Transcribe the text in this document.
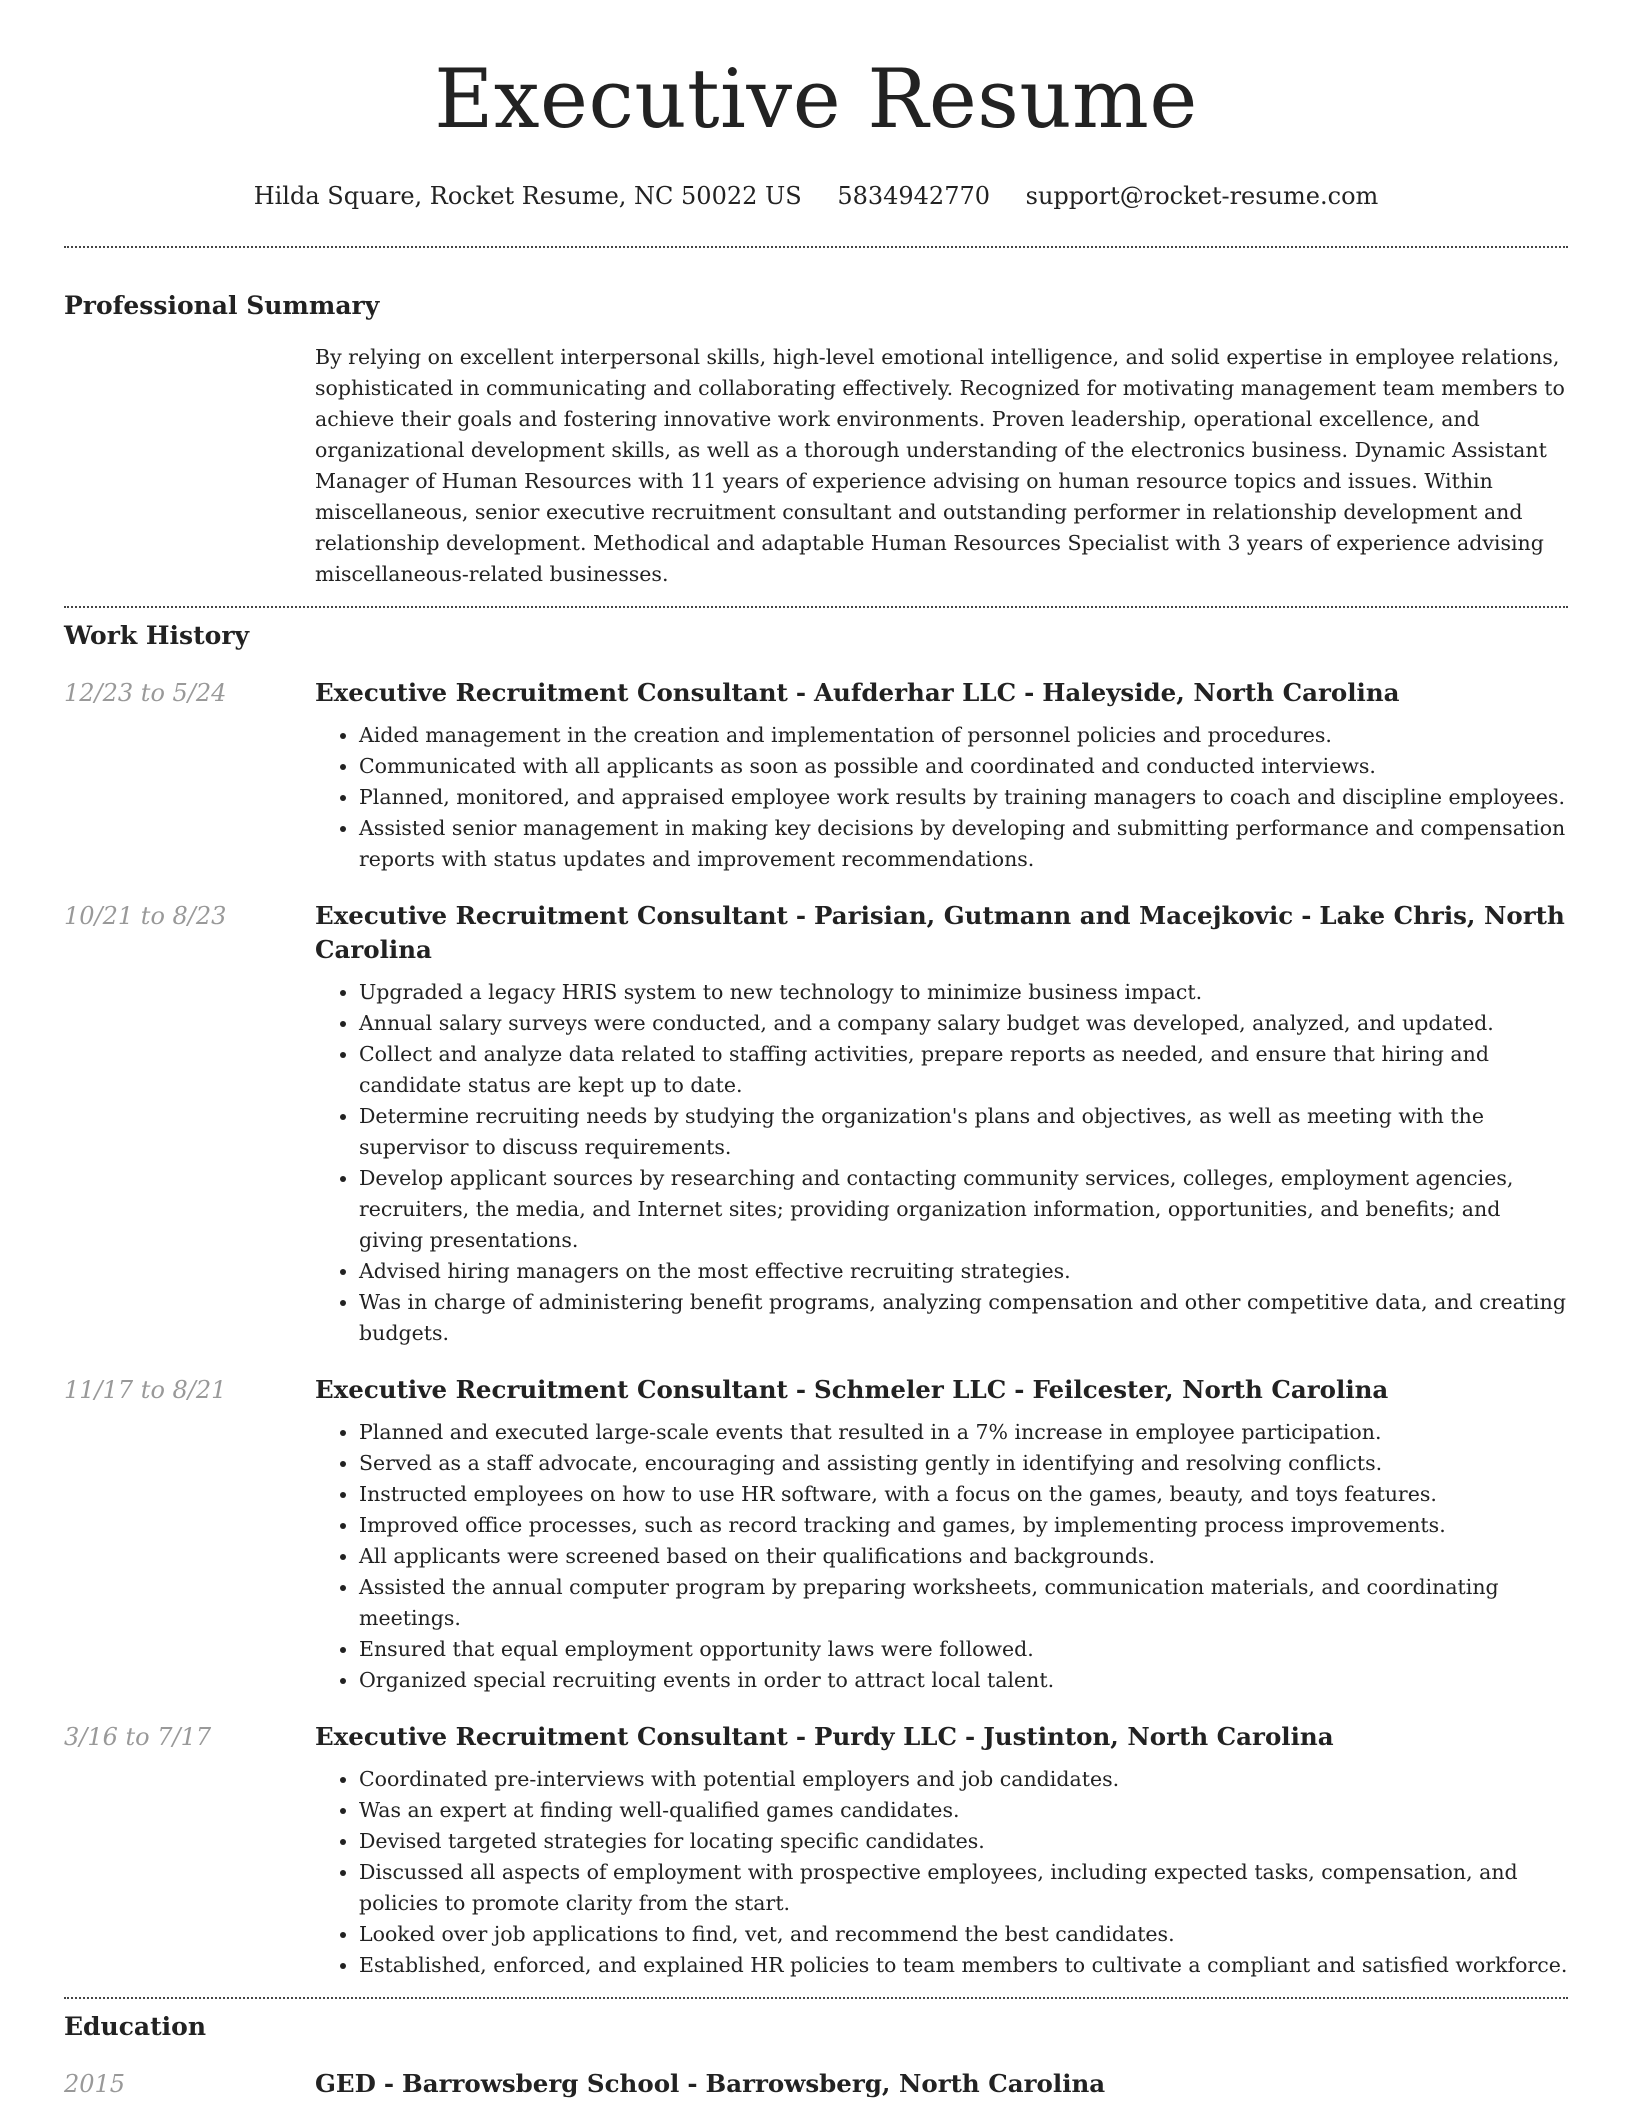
Executive Resume
Hilda Square, Rocket Resume, NC 50022 US 5834942770 support@rocket-resume.com
Professional Summary
By relying on excellent interpersonal skills, high-level emotional intelligence, and solid expertise in employee relations, sophisticated in communicating and collaborating effectively. Recognized for motivating management team members to achieve their goals and fostering innovative work environments. Proven leadership, operational excellence, and organizational development skills, as well as a thorough understanding of the electronics business. Dynamic Assistant Manager of Human Resources with 11 years of experience advising on human resource topics and issues. Within miscellaneous, senior executive recruitment consultant and outstanding performer in relationship development and relationship development. Methodical and adaptable Human Resources Specialist with 3 years of experience advising miscellaneous-related businesses.
Work History
12/23 to 5/24	Executive Recruitment Consultant - Aufderhar LLC - Haleyside, North Carolina
• Aided management in the creation and implementation of personnel policies and procedures.
• Communicated with all applicants as soon as possible and coordinated and conducted interviews.
• Planned, monitored, and appraised employee work results by training managers to coach and discipline employees.
• Assisted senior management in making key decisions by developing and submitting performance and compensation reports with status updates and improvement recommendations.
10/21 to 8/23	Executive Recruitment Consultant - Parisian, Gutmann and Macejkovic - Lake Chris, North Carolina
• Upgraded a legacy HRIS system to new technology to minimize business impact.
• Annual salary surveys were conducted, and a company salary budget was developed, analyzed, and updated.
• Collect and analyze data related to staffing activities, prepare reports as needed, and ensure that hiring and candidate status are kept up to date.
• Determine recruiting needs by studying the organization's plans and objectives, as well as meeting with the supervisor to discuss requirements.
• Develop applicant sources by researching and contacting community services, colleges, employment agencies, recruiters, the media, and Internet sites; providing organization information, opportunities, and benefits; and giving presentations.
• Advised hiring managers on the most effective recruiting strategies.
• Was in charge of administering benefit programs, analyzing compensation and other competitive data, and creating budgets.
11/17 to 8/21	Executive Recruitment Consultant - Schmeler LLC - Feilcester, North Carolina
• Planned and executed large-scale events that resulted in a 7% increase in employee participation.
• Served as a staff advocate, encouraging and assisting gently in identifying and resolving conflicts.
• Instructed employees on how to use HR software, with a focus on the games, beauty, and toys features.
• Improved office processes, such as record tracking and games, by implementing process improvements.
• All applicants were screened based on their qualifications and backgrounds.
• Assisted the annual computer program by preparing worksheets, communication materials, and coordinating meetings.
• Ensured that equal employment opportunity laws were followed.
• Organized special recruiting events in order to attract local talent.
3/16 to 7/17	Executive Recruitment Consultant - Purdy LLC - Justinton, North Carolina
• Coordinated pre-interviews with potential employers and job candidates.
• Was an expert at finding well-qualified games candidates.
• Devised targeted strategies for locating specific candidates.
• Discussed all aspects of employment with prospective employees, including expected tasks, compensation, and policies to promote clarity from the start.
• Looked over job applications to find, vet, and recommend the best candidates.
• Established, enforced, and explained HR policies to team members to cultivate a compliant and satisfied workforce.
Education
2015	GED - Barrowsberg School - Barrowsberg, North Carolina
